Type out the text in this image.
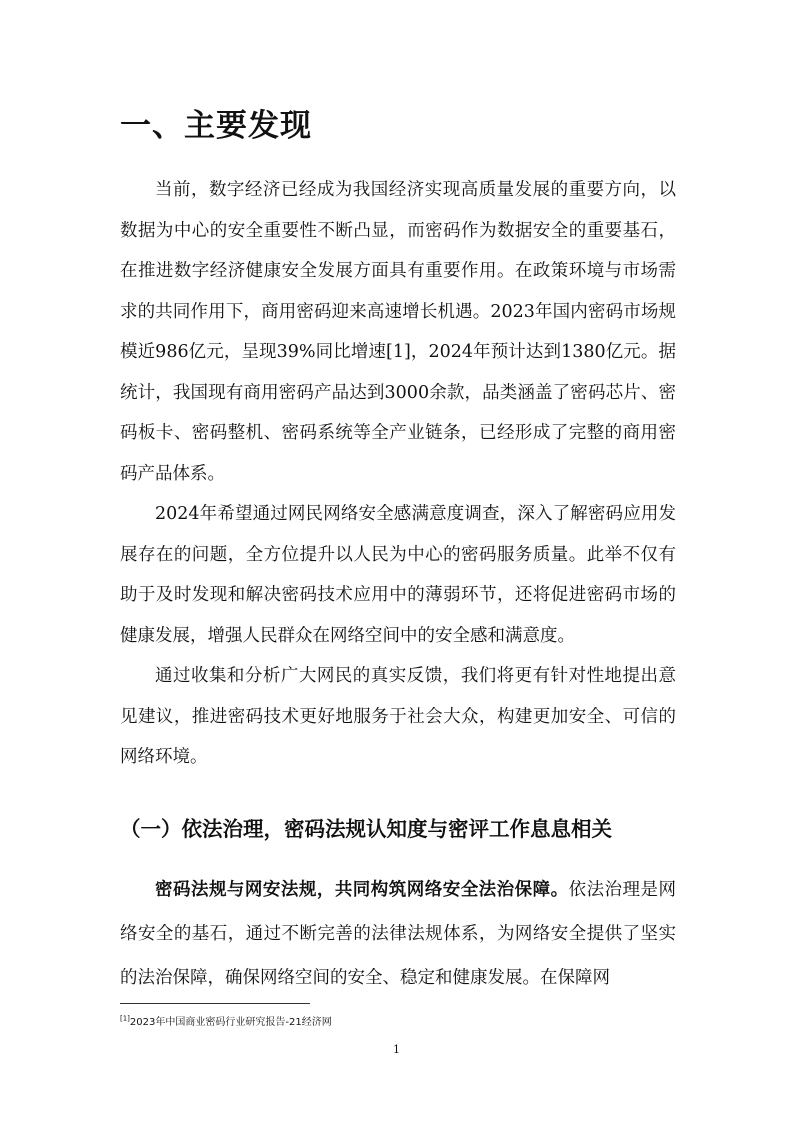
一、主要发现

当前，数字经济已经成为我国经济实现高质量发展的重要方向，以数据为中心的安全重要性不断凸显，而密码作为数据安全的重要基石，在推进数字经济健康安全发展方面具有重要作用。在政策环境与市场需求的共同作用下，商用密码迎来高速增长机遇。2023年国内密码市场规模近986亿元，呈现39%同比增速[1]，2024年预计达到1380亿元。据统计，我国现有商用密码产品达到3000余款，品类涵盖了密码芯片、密码板卡、密码整机、密码系统等全产业链条，已经形成了完整的商用密码产品体系。

2024年希望通过网民网络安全感满意度调查，深入了解密码应用发展存在的问题，全方位提升以人民为中心的密码服务质量。此举不仅有助于及时发现和解决密码技术应用中的薄弱环节，还将促进密码市场的健康发展，增强人民群众在网络空间中的安全感和满意度。

通过收集和分析广大网民的真实反馈，我们将更有针对性地提出意见建议，推进密码技术更好地服务于社会大众，构建更加安全、可信的网络环境。

（一）依法治理，密码法规认知度与密评工作息息相关

密码法规与网安法规，共同构筑网络安全法治保障。依法治理是网络安全的基石，通过不断完善的法律法规体系，为网络安全提供了坚实的法治保障，确保网络空间的安全、稳定和健康发展。在保障网

[1]2023年中国商业密码行业研究报告-21经济网
1
